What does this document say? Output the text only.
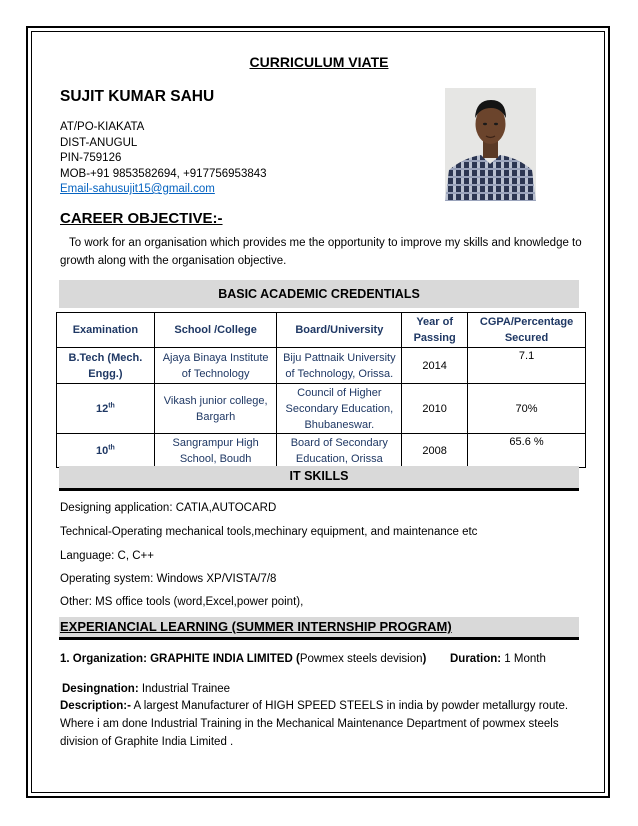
CURRICULUM VIATE
SUJIT KUMAR SAHU
AT/PO-KIAKATA
DIST-ANUGUL
PIN-759126
MOB-+91 9853582694, +917756953843
Email-sahusujit15@gmail.com
CAREER OBJECTIVE:-
To work for an organisation which provides me the opportunity to improve my skills and knowledge to growth along with the organisation objective.
BASIC ACADEMIC CREDENTIALS
Examination	School /College	Board/University	Year of Passing	CGPA/Percentage Secured
B.Tech (Mech. Engg.)	Ajaya Binaya Institute of Technology	Biju Pattnaik University of Technology, Orissa.	2014	7.1
12th	Vikash junior college, Bargarh	Council of Higher Secondary Education, Bhubaneswar.	2010	70%
10th	Sangrampur High School, Boudh	Board of Secondary Education, Orissa	2008	65.6 %
IT SKILLS
Designing application: CATIA,AUTOCARD
Technical-Operating mechanical tools,mechinary equipment, and maintenance etc
Language: C, C++
Operating system: Windows XP/VISTA/7/8
Other: MS office tools (word,Excel,power point),
EXPERIANCIAL LEARNING (SUMMER INTERNSHIP PROGRAM)
1. Organization: GRAPHITE INDIA LIMITED (Powmex steels devision) Duration: 1 Month
Desingnation: Industrial Trainee
Description:- A largest Manufacturer of HIGH SPEED STEELS in india by powder metallurgy route. Where i am done Industrial Training in the Mechanical Maintenance Department of powmex steels division of Graphite India Limited .
